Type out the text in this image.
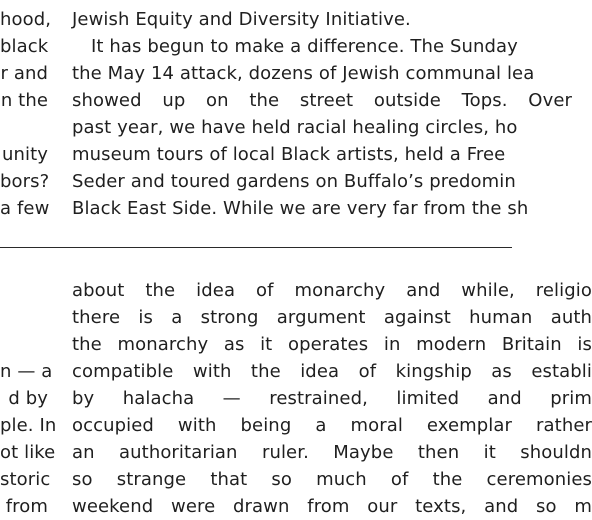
hood,
black
r and
n the
unity
bors?
a few
Jewish Equity and Diversity Initiative.
It has begun to make a difference. The Sunday
the May 14 attack, dozens of Jewish communal lea
showed up on the street outside Tops. Over
past year, we have held racial healing circles, ho
museum tours of local Black artists, held a Free
Seder and toured gardens on Buffalo’s predomin
Black East Side. While we are very far from the sh
n — a
d by
ple. In
ot like
storic
from
about the idea of monarchy and while, religio
there is a strong argument against human auth
the monarchy as it operates in modern Britain is
compatible with the idea of kingship as establi
by halacha — restrained, limited and prim
occupied with being a moral exemplar rather
an authoritarian ruler. Maybe then it shouldn
so strange that so much of the ceremonies
weekend were drawn from our texts, and so m
